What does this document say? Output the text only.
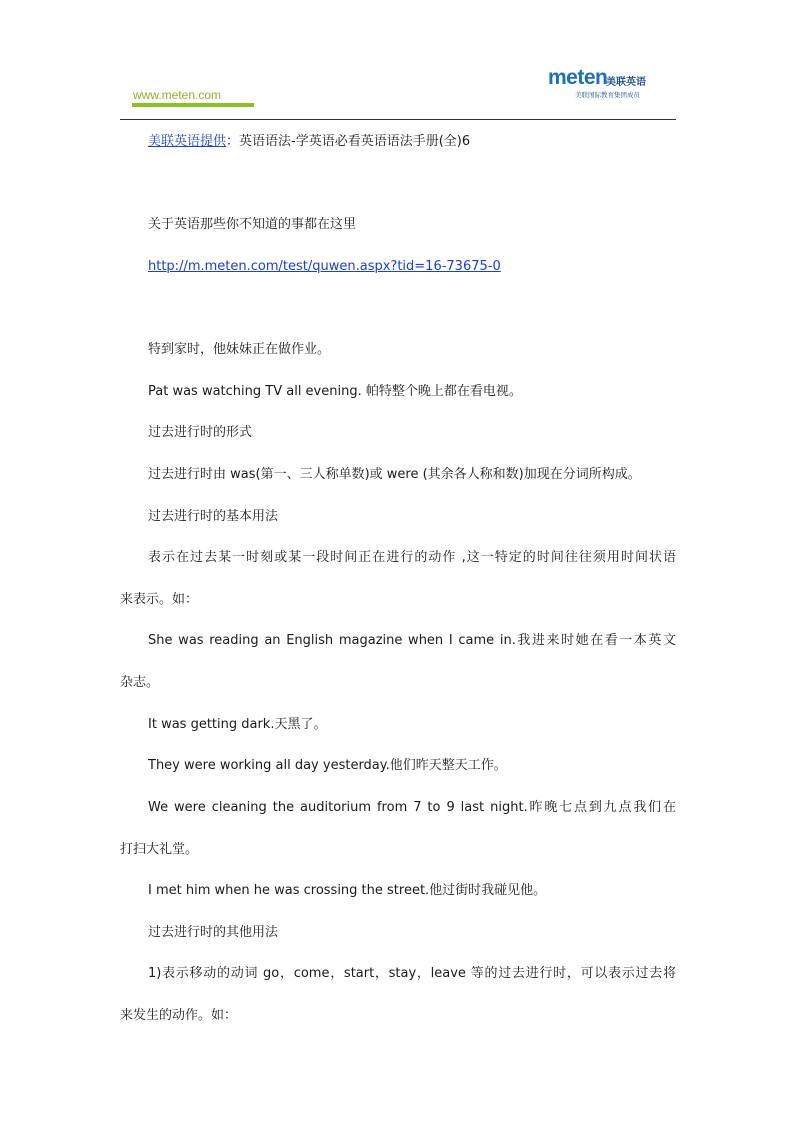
www.meten.com
meten
美联英语
美联国际教育集团成员
美联英语提供：英语语法-学英语必看英语语法手册(全)6
关于英语那些你不知道的事都在这里
http://m.meten.com/test/quwen.aspx?tid=16-73675-0
特到家时，他妹妹正在做作业。
Pat was watching TV all evening. 帕特整个晚上都在看电视。
过去进行时的形式
过去进行时由 was(第一、三人称单数)或 were (其余各人称和数)加现在分词所构成。
过去进行时的基本用法
表示在过去某一时刻或某一段时间正在进行的动作 ,这一特定的时间往往须用时间状语
来表示。如：
She was reading an English magazine when I came in.我进来时她在看一本英文
杂志。
It was getting dark.天黑了。
They were working all day yesterday.他们昨天整天工作。
We were cleaning the auditorium from 7 to 9 last night.昨晚七点到九点我们在
打扫大礼堂。
I met him when he was crossing the street.他过街时我碰见他。
过去进行时的其他用法
1)表示移动的动词 go，come，start，stay，leave 等的过去进行时，可以表示过去将
来发生的动作。如：
